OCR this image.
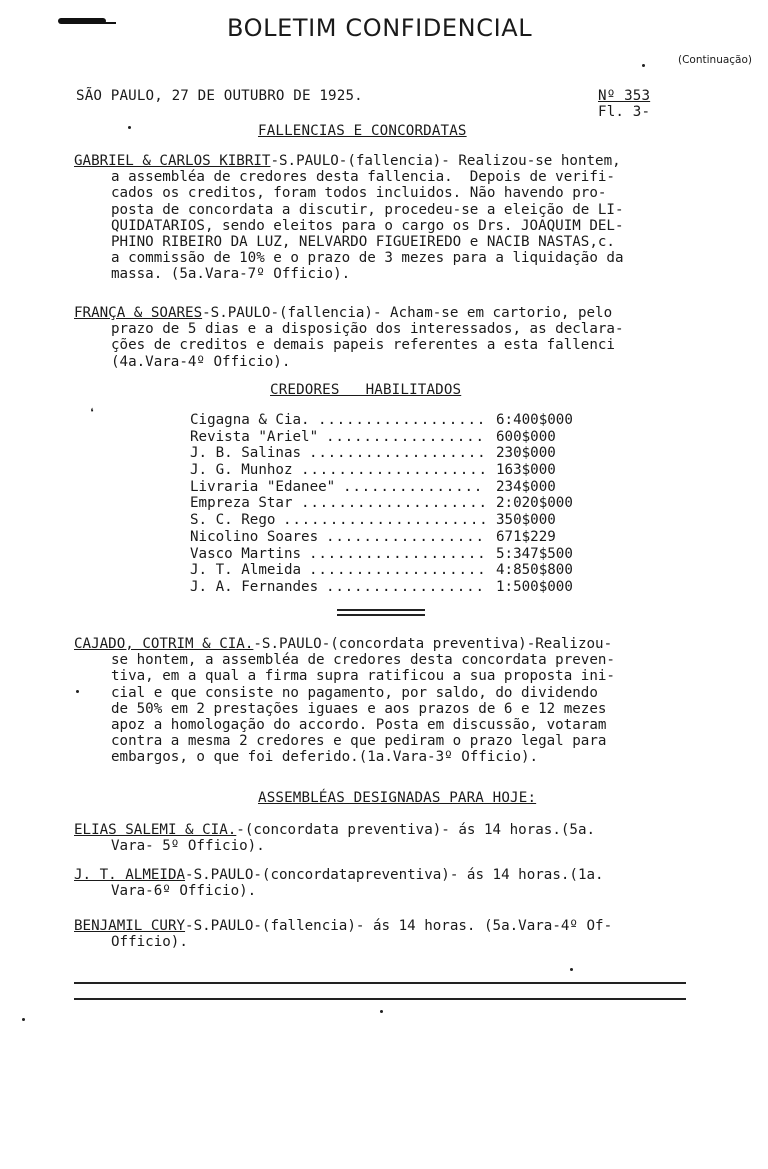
BOLETIM CONFIDENCIAL
(Continuação)
SÃO PAULO, 27 DE OUTUBRO DE 1925.	Nº 353
Fl. 3-
FALLENCIAS E CONCORDATAS
GABRIEL & CARLOS KIBRIT-S.PAULO-(fallencia)- Realizou-se hontem,
a assembléa de credores desta fallencia.  Depois de verifi-
cados os creditos, foram todos incluidos. Não havendo pro-
posta de concordata a discutir, procedeu-se a eleição de LI-
QUIDATARIOS, sendo eleitos para o cargo os Drs. JOAQUIM DEL-
PHINO RIBEIRO DA LUZ, NELVARDO FIGUEIREDO e NACIB NASTAS,c.
a commissão de 10% e o prazo de 3 mezes para a liquidação da
massa. (5a.Vara-7º Officio).
FRANÇA & SOARES-S.PAULO-(fallencia)- Acham-se em cartorio, pelo
prazo de 5 dias e a disposição dos interessados, as declara-
ções de creditos e demais papeis referentes a esta fallenci
(4a.Vara-4º Officio).
CREDORES   HABILITADOS
❛	Cigagna & Cia. .................. 6:400$000
Revista "Ariel" ................. 600$000
J. B. Salinas ................... 230$000
J. G. Munhoz .................... 163$000
Livraria "Edanee" ............... 234$000
Empreza Star .................... 2:020$000
S. C. Rego ...................... 350$000
Nicolino Soares ................. 671$229
Vasco Martins ................... 5:347$500
J. T. Almeida ................... 4:850$800
J. A. Fernandes ................. 1:500$000
CAJADO, COTRIM & CIA.-S.PAULO-(concordata preventiva)-Realizou-
se hontem, a assembléa de credores desta concordata preven-
tiva, em a qual a firma supra ratificou a sua proposta ini-
cial e que consiste no pagamento, por saldo, do dividendo
de 50% em 2 prestações iguaes e aos prazos de 6 e 12 mezes
apoz a homologação do accordo. Posta em discussão, votaram
contra a mesma 2 credores e que pediram o prazo legal para
embargos, o que foi deferido.(1a.Vara-3º Officio).
ASSEMBLÉAS DESIGNADAS PARA HOJE:
ELIAS SALEMI & CIA.-(concordata preventiva)- ás 14 horas.(5a.
Vara- 5º Officio).
J. T. ALMEIDA-S.PAULO-(concordatapreventiva)- ás 14 horas.(1a.
Vara-6º Officio).
BENJAMIL CURY-S.PAULO-(fallencia)- ás 14 horas. (5a.Vara-4º Of-
Officio).
